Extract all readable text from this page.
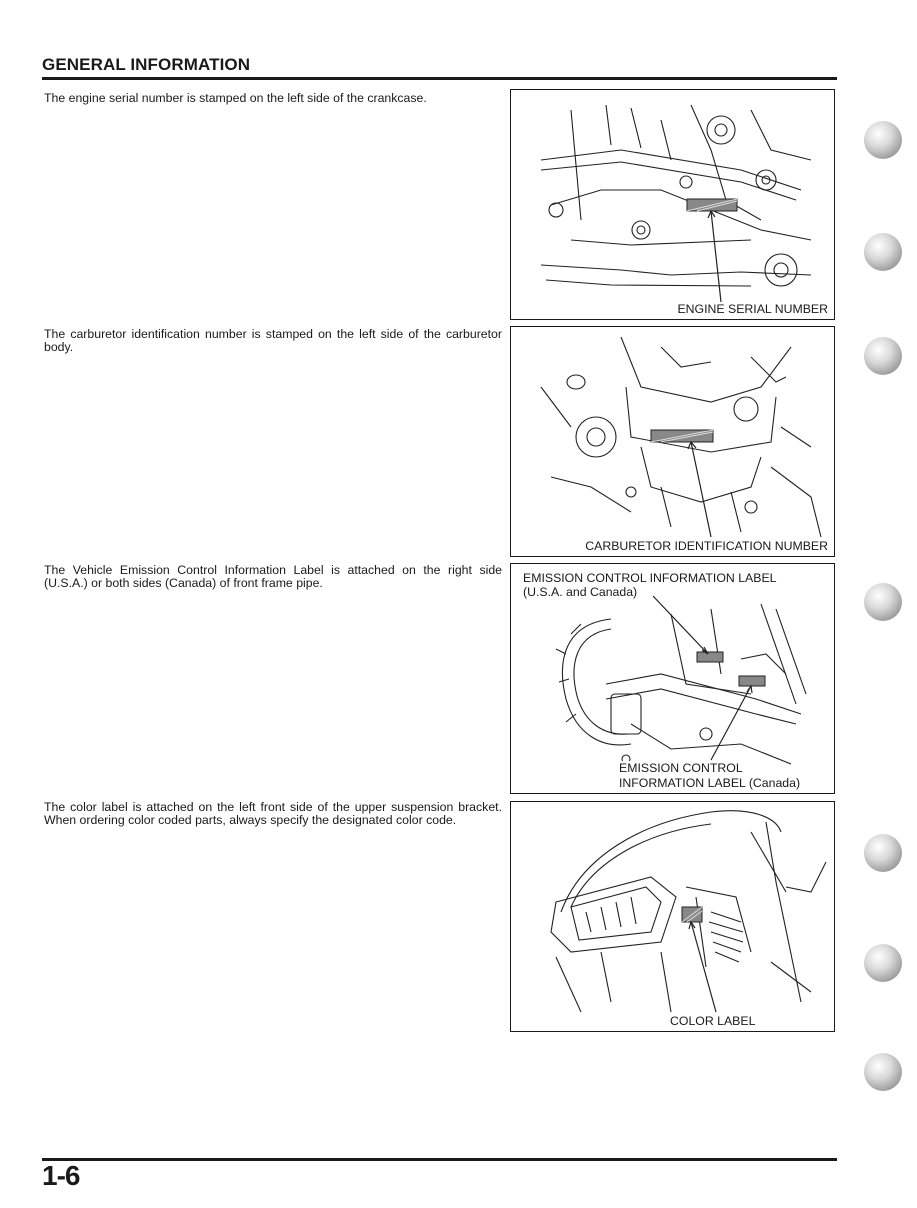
GENERAL INFORMATION

The engine serial number is stamped on the left side of the crankcase.

ENGINE SERIAL NUMBER

The carburetor identification number is stamped on the left side of the carburetor body.

CARBURETOR IDENTIFICATION NUMBER

The Vehicle Emission Control Information Label is attached on the right side (U.S.A.) or both sides (Canada) of front frame pipe.	EMISSION CONTROL INFORMATION LABEL
(U.S.A. and Canada)
EMISSION CONTROL
INFORMATION LABEL (Canada)

The color label is attached on the left front side of the upper suspension bracket. When ordering color coded parts, always specify the designated color code.

COLOR LABEL

1-6
